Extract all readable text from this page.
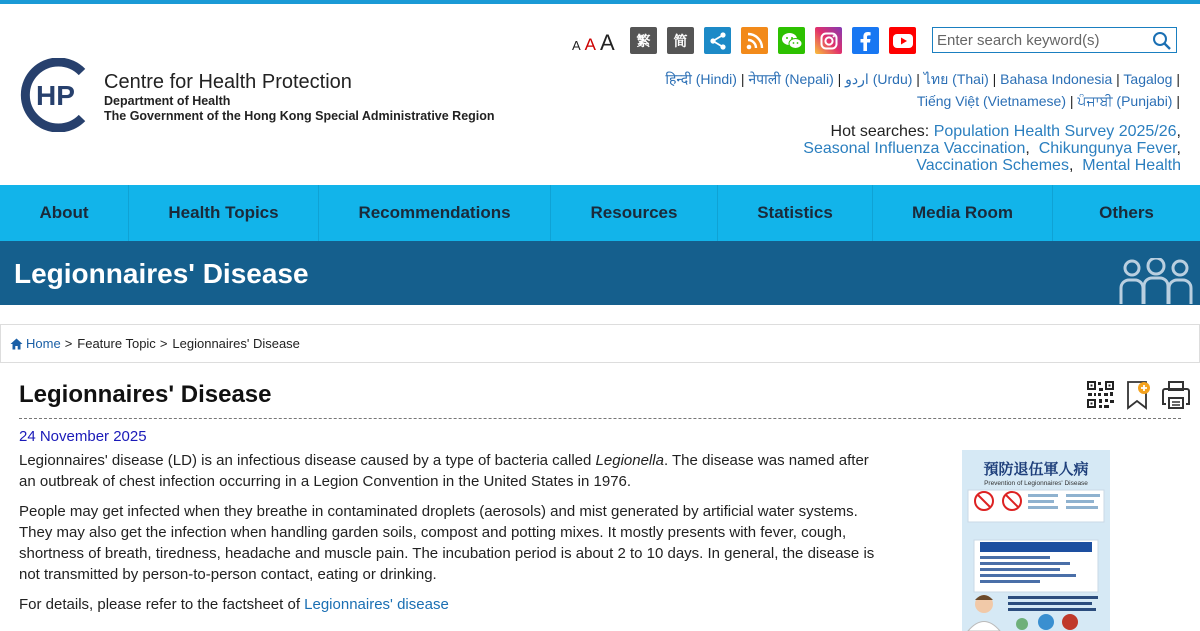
HP Centre for Health Protection
Department of Health
The Government of the Hong Kong Special Administrative Region
A A A	繁	简
Enter search keyword(s)
हिन्दी (Hindi) | नेपाली (Nepali) | اردو (Urdu) | ไทย (Thai) | Bahasa Indonesia | Tagalog |
Tiếng Việt (Vietnamese) | ਪੰਜਾਬੀ (Punjabi) |
Hot searches: Population Health Survey 2025/26,
Seasonal Influenza Vaccination,  Chikungunya Fever,
Vaccination Schemes,  Mental Health
About	Health Topics	Recommendations	Resources	Statistics	Media Room	Others
Legionnaires' Disease
Home > Feature Topic > Legionnaires' Disease
Legionnaires' Disease
24 November 2025

Legionnaires' disease (LD) is an infectious disease caused by a type of bacteria called Legionella. The disease was named after an outbreak of chest infection occurring in a Legion Convention in the United States in 1976.

People may get infected when they breathe in contaminated droplets (aerosols) and mist generated by artificial water systems. They may also get the infection when handling garden soils, compost and potting mixes. It mostly presents with fever, cough, shortness of breath, tiredness, headache and muscle pain. The incubation period is about 2 to 10 days. In general, the disease is not transmitted by person-to-person contact, eating or drinking.

For details, please refer to the factsheet of Legionnaires' disease

預防退伍軍人病
Prevention of Legionnaires' Disease
